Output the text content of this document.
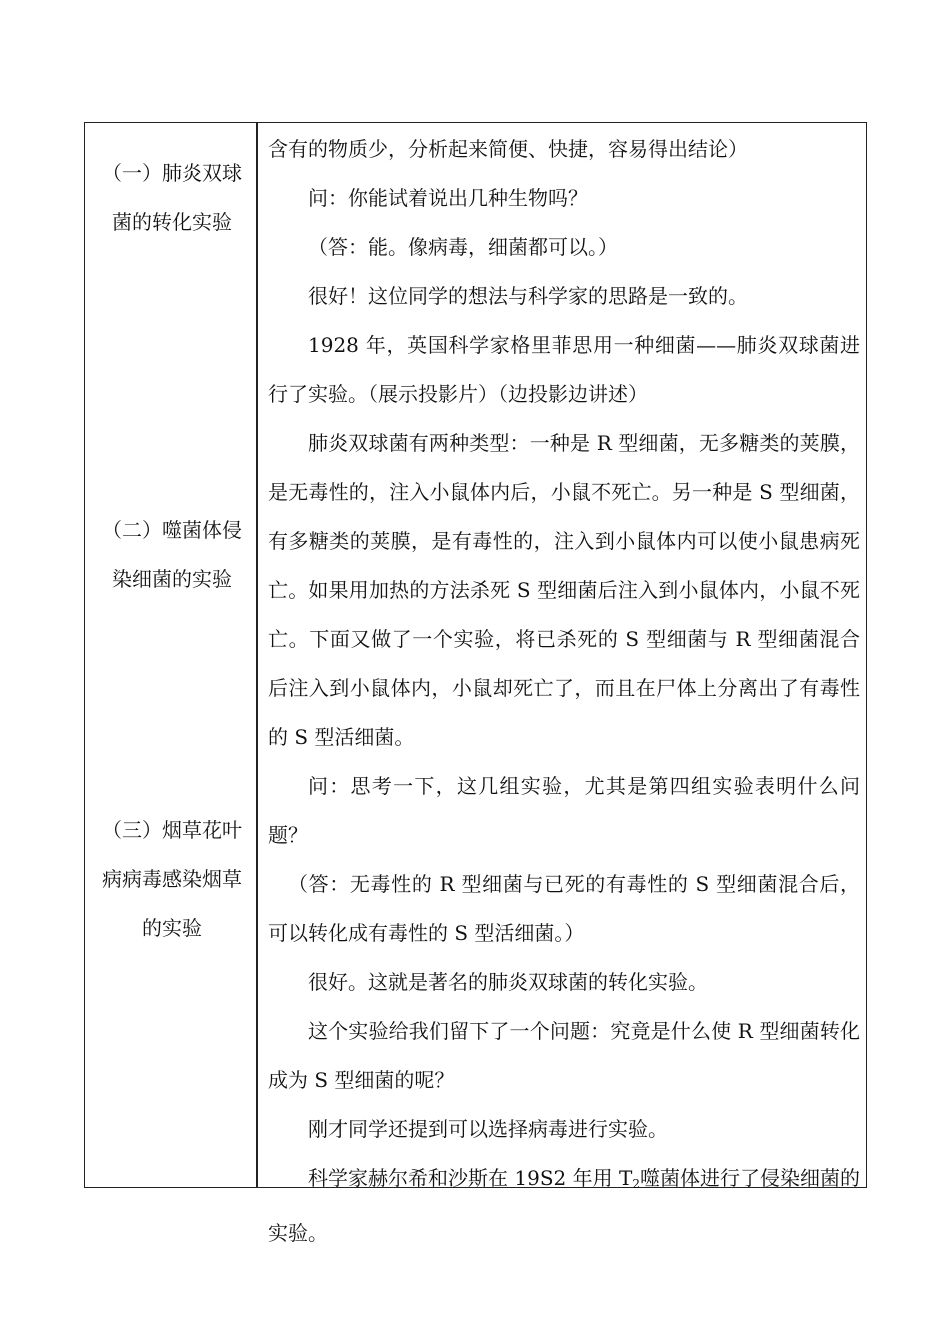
（一）肺炎双球菌的转化实验
（二）噬菌体侵染细菌的实验
（三）烟草花叶病病毒感染烟草的实验

含有的物质少，分析起来简便、快捷，容易得出结论）

问：你能试着说出几种生物吗？

（答：能。像病毒，细菌都可以。）

很好！这位同学的想法与科学家的思路是一致的。

1928 年，英国科学家格里菲思用一种细菌——肺炎双球菌进行了实验。（展示投影片）（边投影边讲述）

肺炎双球菌有两种类型：一种是 R 型细菌，无多糖类的荚膜，是无毒性的，注入小鼠体内后，小鼠不死亡。另一种是 S 型细菌，有多糖类的荚膜，是有毒性的，注入到小鼠体内可以使小鼠患病死亡。如果用加热的方法杀死 S 型细菌后注入到小鼠体内，小鼠不死亡。下面又做了一个实验，将已杀死的 S 型细菌与 R 型细菌混合后注入到小鼠体内，小鼠却死亡了，而且在尸体上分离出了有毒性的 S 型活细菌。

问：思考一下，这几组实验，尤其是第四组实验表明什么问题？

（答：无毒性的 R 型细菌与已死的有毒性的 S 型细菌混合后，可以转化成有毒性的 S 型活细菌。）

很好。这就是著名的肺炎双球菌的转化实验。

这个实验给我们留下了一个问题：究竟是什么使 R 型细菌转化成为 S 型细菌的呢？

刚才同学还提到可以选择病毒进行实验。

科学家赫尔希和沙斯在 19S2 年用 $T_2$噬菌体进行了侵染细菌的实验。
